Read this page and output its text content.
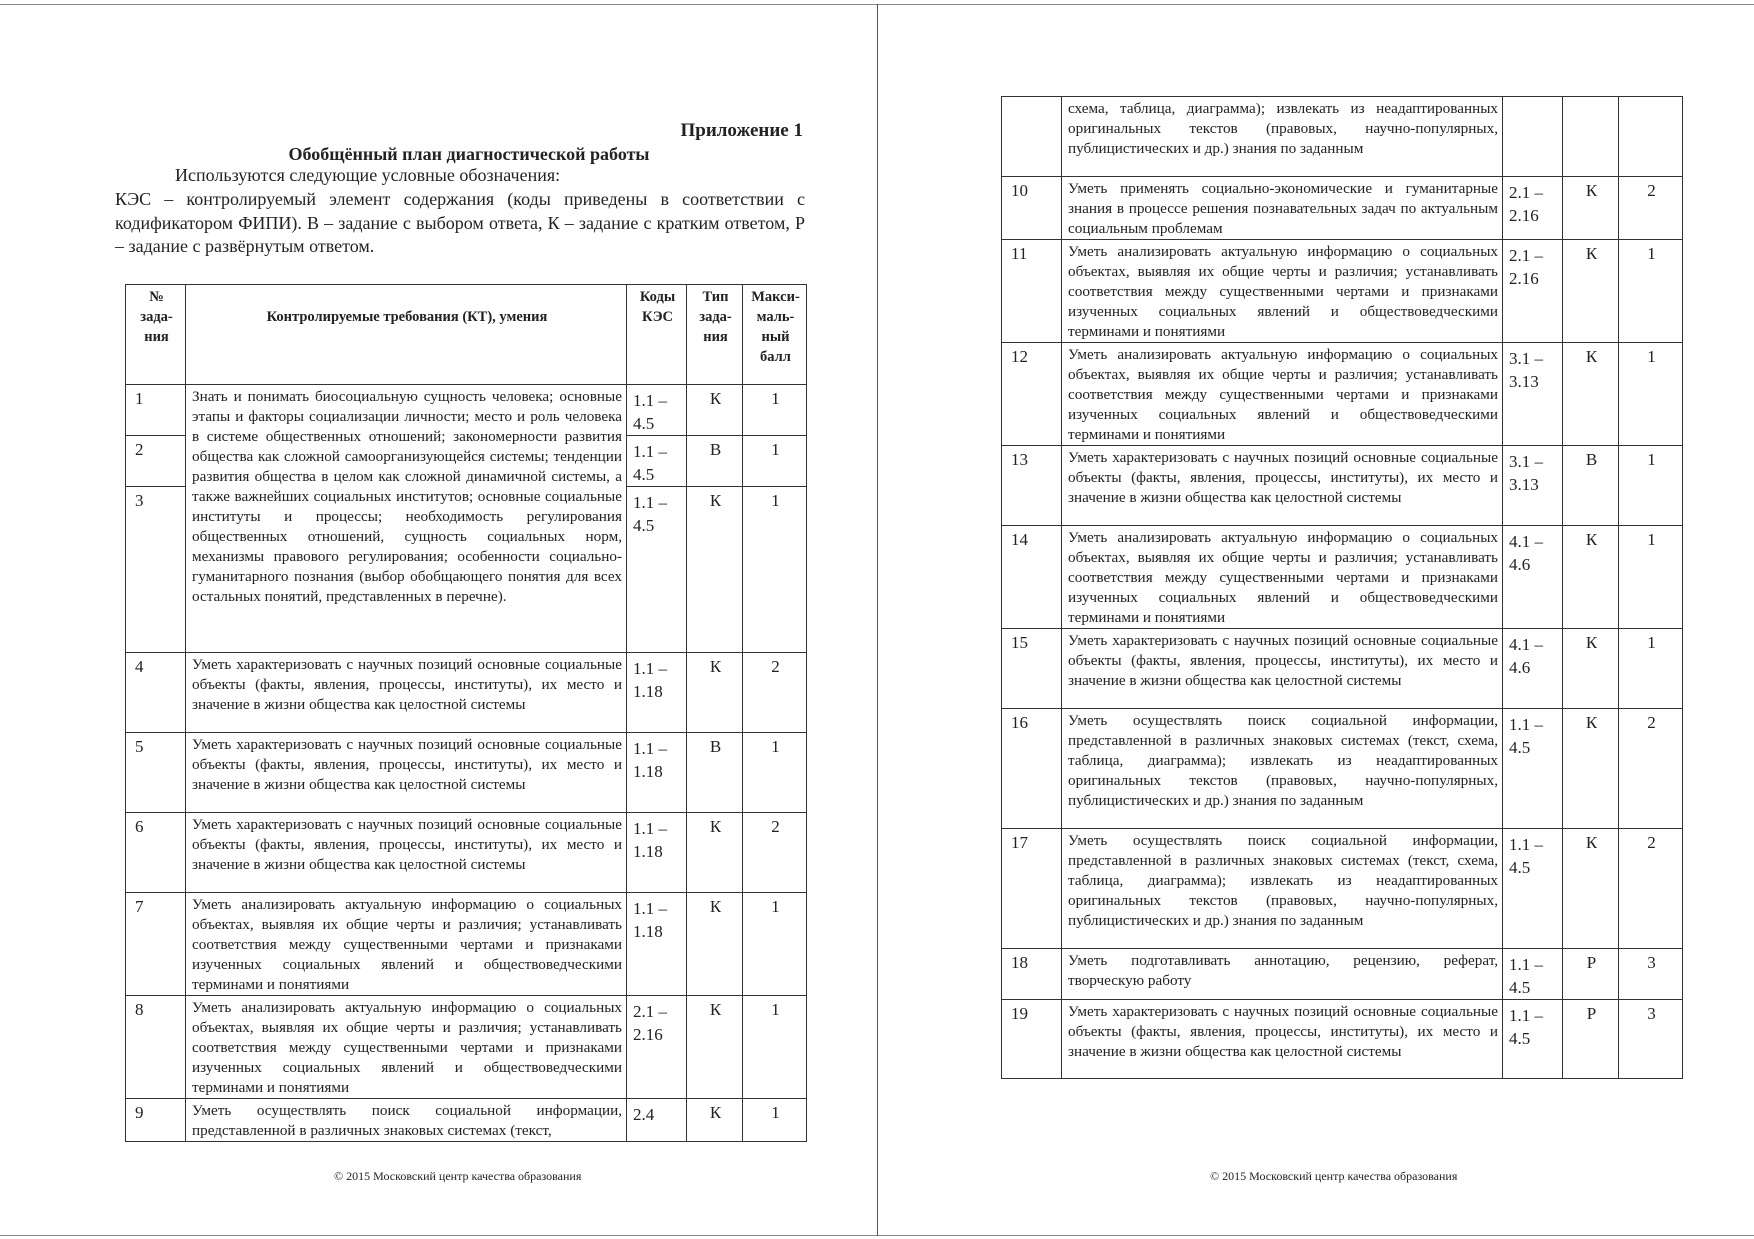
Приложение 1
Обобщённый план диагностической работы
Используются следующие условные обозначения:
КЭС – контролируемый элемент содержания (коды приведены в соответствии с кодификатором ФИПИ). В – задание с выбором ответа, К – задание с кратким ответом, Р – задание с развёрнутым ответом.
№ зада-ния	Контролируемые требования (КТ), умения	Коды КЭС	Тип зада-ния	Макси-маль-ный балл
1	Знать и понимать биосоциальную сущность человека; основные этапы и факторы социализации личности; место и роль человека в системе общественных отношений; закономерности развития общества как сложной самоорганизующейся системы; тенденции развития общества в целом как сложной динамичной системы, а также важнейших социальных институтов; основные социальные институты и процессы; необходимость регулирования общественных отношений, сущность социальных норм, механизмы правового регулирования; особенности социально-гуманитарного познания (выбор обобщающего понятия для всех остальных понятий, представленных в перечне).	1.1 – 4.5	К	1
2		1.1 – 4.5	В	1
3		1.1 – 4.5	К	1
4	Уметь характеризовать с научных позиций основные социальные объекты (факты, явления, процессы, институты), их место и значение в жизни общества как целостной системы	1.1 – 1.18	К	2
5	Уметь характеризовать с научных позиций основные социальные объекты (факты, явления, процессы, институты), их место и значение в жизни общества как целостной системы	1.1 – 1.18	В	1
6	Уметь характеризовать с научных позиций основные социальные объекты (факты, явления, процессы, институты), их место и значение в жизни общества как целостной системы	1.1 – 1.18	К	2
7	Уметь анализировать актуальную информацию о социальных объектах, выявляя их общие черты и различия; устанавливать соответствия между существенными чертами и признаками изученных социальных явлений и обществоведческими терминами и понятиями	1.1 – 1.18	К	1
8	Уметь анализировать актуальную информацию о социальных объектах, выявляя их общие черты и различия; устанавливать соответствия между существенными чертами и признаками изученных социальных явлений и обществоведческими терминами и понятиями	2.1 – 2.16	К	1
9	Уметь осуществлять поиск социальной информации, представленной в различных знаковых системах (текст,	2.4	К	1
© 2015 Московский центр качества образования
	схема, таблица, диаграмма); извлекать из неадаптированных оригинальных текстов (правовых, научно-популярных, публицистических и др.) знания по заданным			
10	Уметь применять социально-экономические и гуманитарные знания в процессе решения познавательных задач по актуальным социальным проблемам	2.1 – 2.16	К	2
11	Уметь анализировать актуальную информацию о социальных объектах, выявляя их общие черты и различия; устанавливать соответствия между существенными чертами и признаками изученных социальных явлений и обществоведческими терминами и понятиями	2.1 – 2.16	К	1
12	Уметь анализировать актуальную информацию о социальных объектах, выявляя их общие черты и различия; устанавливать соответствия между существенными чертами и признаками изученных социальных явлений и обществоведческими терминами и понятиями	3.1 – 3.13	К	1
13	Уметь характеризовать с научных позиций основные социальные объекты (факты, явления, процессы, институты), их место и значение в жизни общества как целостной системы	3.1 – 3.13	В	1
14	Уметь анализировать актуальную информацию о социальных объектах, выявляя их общие черты и различия; устанавливать соответствия между существенными чертами и признаками изученных социальных явлений и обществоведческими терминами и понятиями	4.1 – 4.6	К	1
15	Уметь характеризовать с научных позиций основные социальные объекты (факты, явления, процессы, институты), их место и значение в жизни общества как целостной системы	4.1 – 4.6	К	1
16	Уметь осуществлять поиск социальной информации, представленной в различных знаковых системах (текст, схема, таблица, диаграмма); извлекать из неадаптированных оригинальных текстов (правовых, научно-популярных, публицистических и др.) знания по заданным	1.1 – 4.5	К	2
17	Уметь осуществлять поиск социальной информации, представленной в различных знаковых системах (текст, схема, таблица, диаграмма); извлекать из неадаптированных оригинальных текстов (правовых, научно-популярных, публицистических и др.) знания по заданным	1.1 – 4.5	К	2
18	Уметь подготавливать аннотацию, рецензию, реферат, творческую работу	1.1 – 4.5	Р	3
19	Уметь характеризовать с научных позиций основные социальные объекты (факты, явления, процессы, институты), их место и значение в жизни общества как целостной системы	1.1 – 4.5	Р	3
© 2015 Московский центр качества образования
